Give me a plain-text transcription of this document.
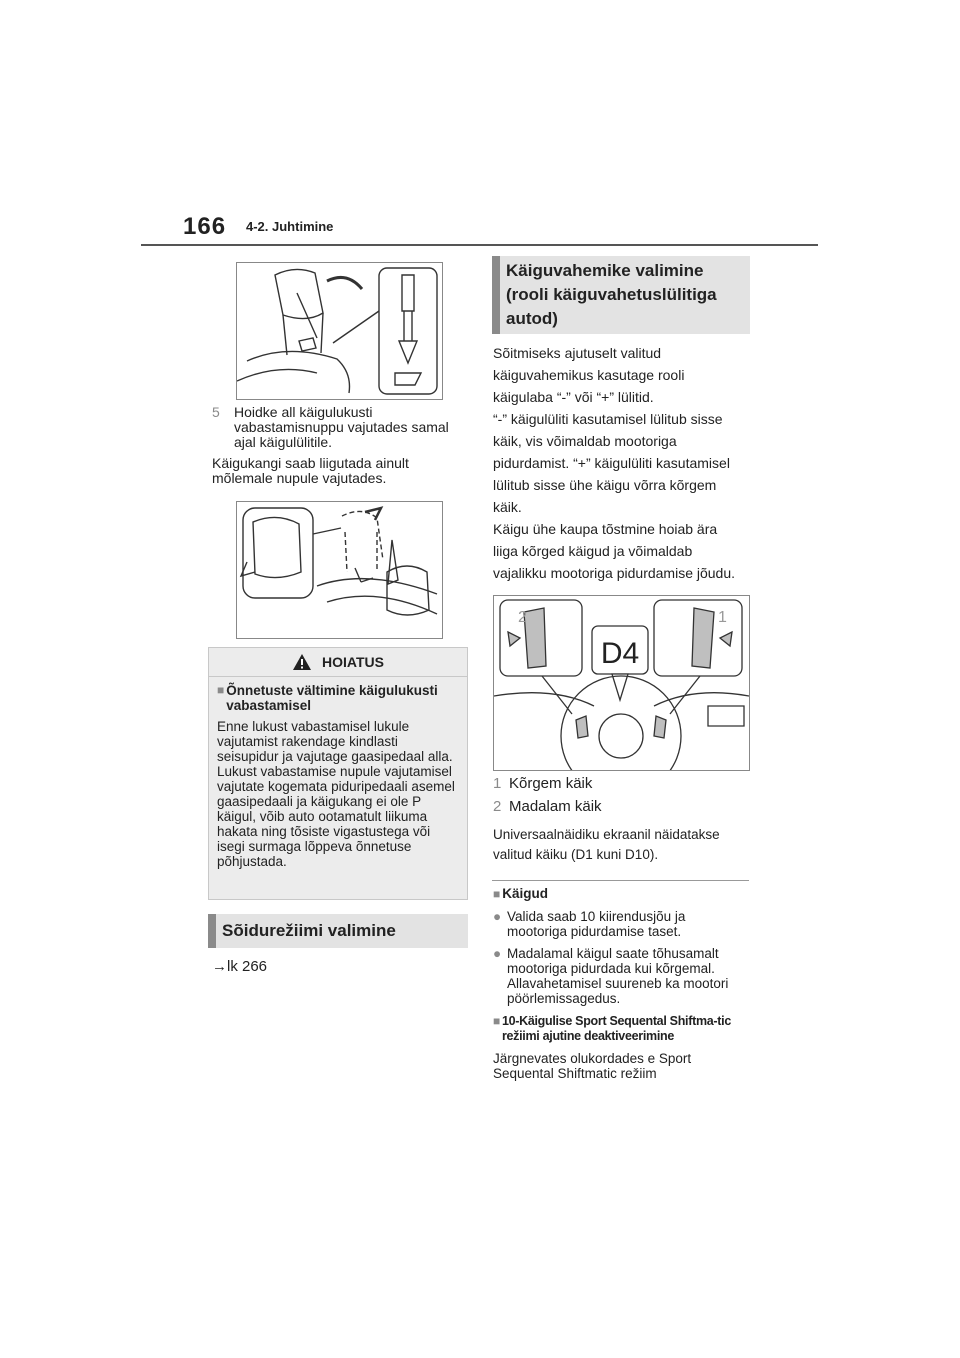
166 4-2. Juhtimine
5 Hoidke all käigulukusti vabastamisnuppu vajutades samal ajal käigulülitile.
Käigukangi saab liigutada ainult mõlemale nupule vajutades.
HOIATUS
■ Õnnetuste vältimine käigulukusti vabastamisel
Enne lukust vabastamisel lukule vajutamist rakendage kindlasti seisupidur ja vajutage gaasipedaal alla.
Lukust vabastamise nupule vajutamisel vajutate kogemata piduripedaali asemel gaasipedaali ja käigukang ei ole P käigul, võib auto ootamatult liikuma hakata ning tõsiste vigastustega või isegi surmaga lõppeva õnnetuse põhjustada.
Sõidurežiimi valimine
→lk 266
Käiguvahemike valimine (rooli käiguvahetuslülitiga autod)
Sõitmiseks ajutuselt valitud
käiguvahemikus kasutage rooli
käigulaba “-” või “+” lülitid.
“-” käigulüliti kasutamisel lülitub sisse
käik, vis võimaldab mootoriga
pidurdamist. “+” käigulüliti kasutamisel
lülitub sisse ühe käigu võrra kõrgem
käik.
Käigu ühe kaupa tõstmine hoiab ära
liiga kõrged käigud ja võimaldab
vajalikku mootoriga pidurdamise jõudu.
2	1
D4
1 Kõrgem käik
2 Madalam käik
Universaalnäidiku ekraanil näidatakse
valitud käiku (D1 kuni D10).
■ Käigud
● Valida saab 10 kiirendusjõu ja mootoriga pidurdamise taset.
● Madalamal käigul saate tõhusamalt mootoriga pidurdada kui kõrgemal. Allavahetamisel suureneb ka mootori pöörlemissagedus.
■ 10-Käigulise Sport Sequental Shiftma-tic režiimi ajutine deaktiveerimine
Järgnevates olukordades e Sport Sequental Shiftmatic režiim
